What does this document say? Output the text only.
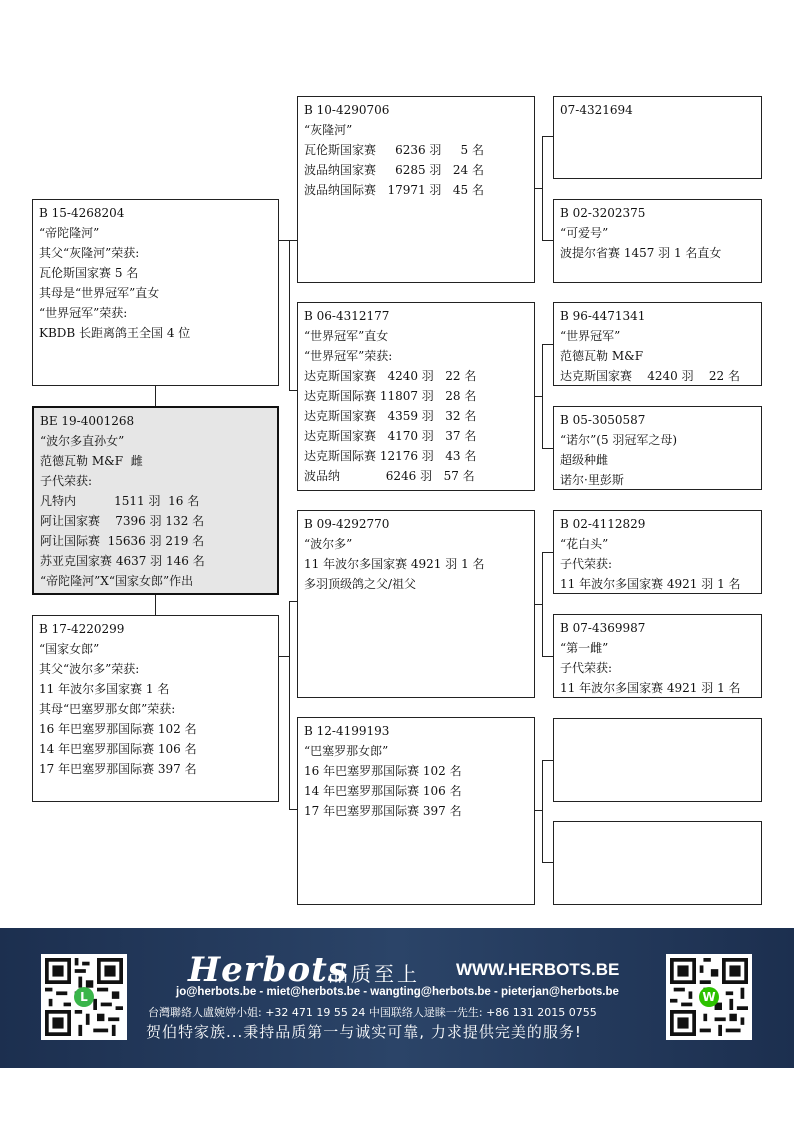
BE 19-4001268
“波尔多直孙女”
范德瓦勒 M&F  雌
子代荣获:
凡特内          1511 羽  16 名
阿让国家赛    7396 羽 132 名
阿让国际赛  15636 羽 219 名
苏亚克国家赛 4637 羽 146 名
“帝陀隆河”X“国家女郎”作出
B 15-4268204
“帝陀隆河”
其父“灰隆河”荣获:
瓦伦斯国家赛 5 名
其母是“世界冠军”直女
“世界冠军”荣获:
KBDB 长距离鸽王全国 4 位
B 17-4220299
“国家女郎”
其父“波尔多”荣获:
11 年波尔多国家赛 1 名
其母“巴塞罗那女郎”荣获:
16 年巴塞罗那国际赛 102 名
14 年巴塞罗那国际赛 106 名
17 年巴塞罗那国际赛 397 名
B 10-4290706
“灰隆河”
瓦伦斯国家赛     6236 羽     5 名
波品纳国家赛     6285 羽   24 名
波品纳国际赛   17971 羽   45 名
B 06-4312177
“世界冠军”直女
“世界冠军”荣获:
达克斯国家赛   4240 羽   22 名
达克斯国际赛 11807 羽   28 名
达克斯国家赛   4359 羽   32 名
达克斯国家赛   4170 羽   37 名
达克斯国际赛 12176 羽   43 名
波品纳            6246 羽   57 名
B 09-4292770
“波尔多”
11 年波尔多国家赛 4921 羽 1 名
多羽顶级鸽之父/祖父
B 12-4199193
“巴塞罗那女郎”
16 年巴塞罗那国际赛 102 名
14 年巴塞罗那国际赛 106 名
17 年巴塞罗那国际赛 397 名
07-4321694
B 02-3202375
“可爱号”
波提尔省赛 1457 羽 1 名直女
B 96-4471341
“世界冠军”
范德瓦勒 M&F
达克斯国家赛    4240 羽    22 名
B 05-3050587
“诺尔”(5 羽冠军之母)
超级种雌
诺尔·里彭斯
B 02-4112829
“花白头”
子代荣获:
11 年波尔多国家赛 4921 羽 1 名
B 07-4369987
“第一雌”
子代荣获:
11 年波尔多国家赛 4921 羽 1 名
L
Herbots
品质至上 WWW.HERBOTS.BE
jo@herbots.be - miet@herbots.be - wangting@herbots.be - pieterjan@herbots.be
台灣聯絡人盧婉婷小姐: +32 471 19 55 24 中国联络人逯睐一先生: +86 131 2015 0755
贺伯特家族...秉持品质第一与诚实可靠, 力求提供完美的服务!
W
